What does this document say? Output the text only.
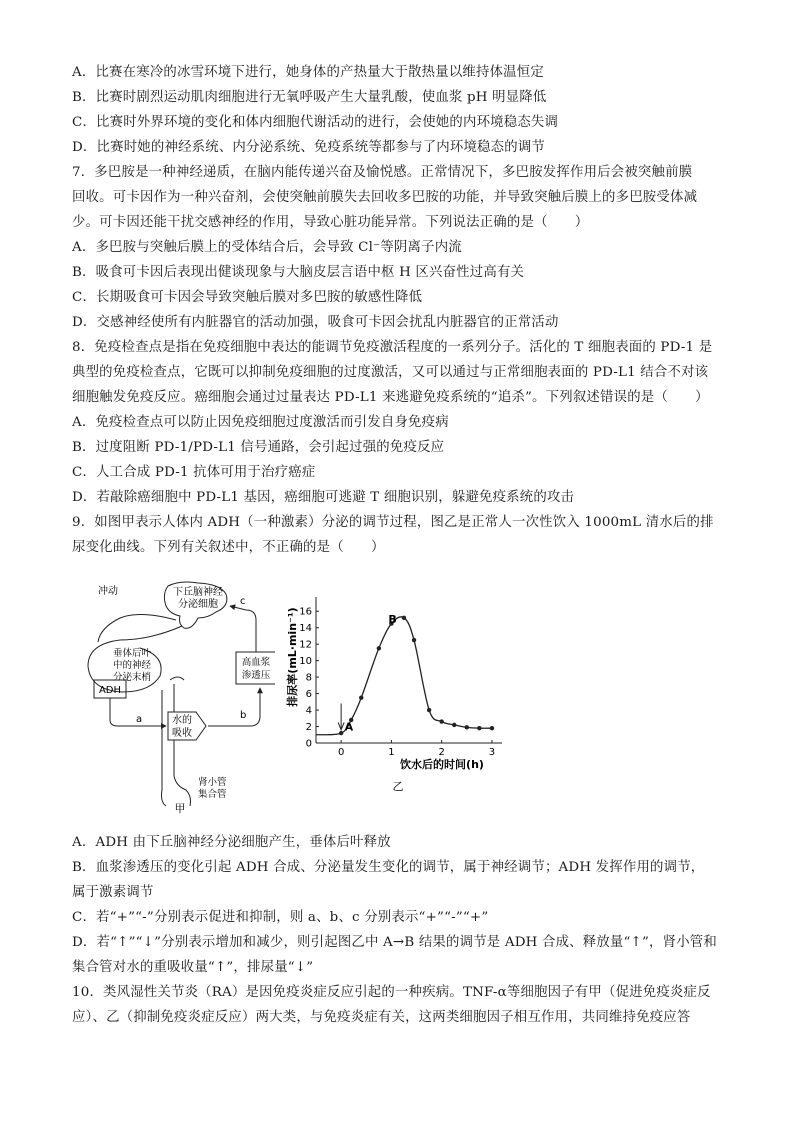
A．比赛在寒冷的冰雪环境下进行，她身体的产热量大于散热量以维持体温恒定
B．比赛时剧烈运动肌肉细胞进行无氧呼吸产生大量乳酸，使血浆 pH 明显降低
C．比赛时外界环境的变化和体内细胞代谢活动的进行，会使她的内环境稳态失调
D．比赛时她的神经系统、内分泌系统、免疫系统等都参与了内环境稳态的调节
7．多巴胺是一种神经递质，在脑内能传递兴奋及愉悦感。正常情况下，多巴胺发挥作用后会被突触前膜
回收。可卡因作为一种兴奋剂，会使突触前膜失去回收多巴胺的功能，并导致突触后膜上的多巴胺受体减
少。可卡因还能干扰交感神经的作用，导致心脏功能异常。下列说法正确的是（　　）
A．多巴胺与突触后膜上的受体结合后，会导致 Cl⁻等阴离子内流
B．吸食可卡因后表现出健谈现象与大脑皮层言语中枢 H 区兴奋性过高有关
C．长期吸食可卡因会导致突触后膜对多巴胺的敏感性降低
D．交感神经使所有内脏器官的活动加强，吸食可卡因会扰乱内脏器官的正常活动
8．免疫检查点是指在免疫细胞中表达的能调节免疫激活程度的一系列分子。活化的 T 细胞表面的 PD-1 是
典型的免疫检查点，它既可以抑制免疫细胞的过度激活，又可以通过与正常细胞表面的 PD-L1 结合不对该
细胞触发免疫反应。癌细胞会通过过量表达 PD-L1 来逃避免疫系统的“追杀”。下列叙述错误的是（　　）
A．免疫检查点可以防止因免疫细胞过度激活而引发自身免疫病
B．过度阻断 PD-1/PD-L1 信号通路，会引起过强的免疫反应
C．人工合成 PD-1 抗体可用于治疗癌症
D．若敲除癌细胞中 PD-L1 基因，癌细胞可逃避 T 细胞识别，躲避免疫系统的攻击
9．如图甲表示人体内 ADH（一种激素）分泌的调节过程，图乙是正常人一次性饮入 1000mL 清水后的排
尿变化曲线。下列有关叙述中，不正确的是（　　）
下丘脑神经
分泌细胞
冲动
垂体后叶
中的神经
分泌末梢
ADH
a
肾小管
集合管
水的
吸收
b
高血浆
渗透压
c
甲
0
2
4
6
8
10
12
14
16
0	1	2	3
A
B
排尿率(mL·min⁻¹)
饮水后的时间(h)
乙
A．ADH 由下丘脑神经分泌细胞产生，垂体后叶释放
B．血浆渗透压的变化引起 ADH 合成、分泌量发生变化的调节，属于神经调节；ADH 发挥作用的调节，
属于激素调节
C．若“+”“-”分别表示促进和抑制，则 a、b、c 分别表示“+”“-”“+”
D．若“↑”“↓”分别表示增加和减少，则引起图乙中 A→B 结果的调节是 ADH 合成、释放量“↑”，肾小管和
集合管对水的重吸收量“↑”，排尿量“↓”
10．类风湿性关节炎（RA）是因免疫炎症反应引起的一种疾病。TNF-α等细胞因子有甲（促进免疫炎症反
应）、乙（抑制免疫炎症反应）两大类，与免疫炎症有关，这两类细胞因子相互作用，共同维持免疫应答
